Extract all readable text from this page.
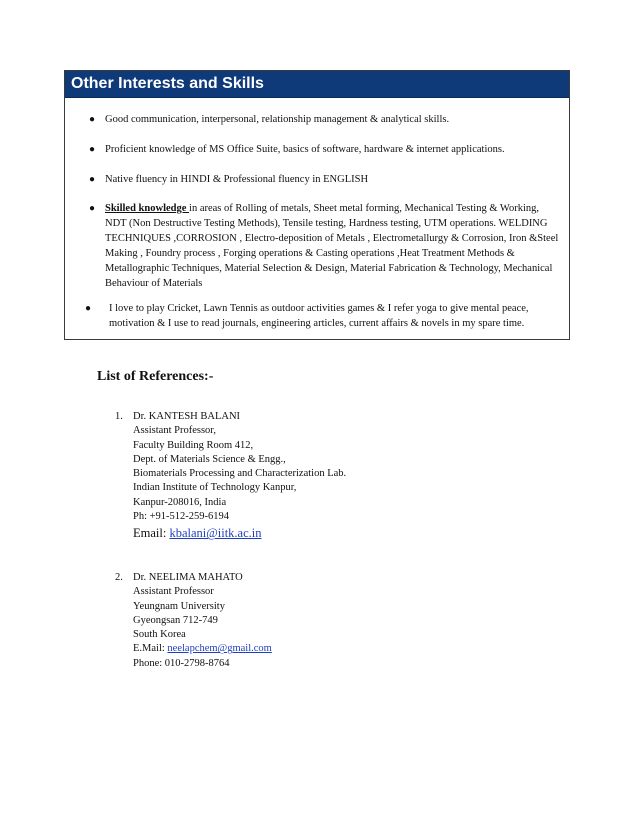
Other Interests and Skills
● Good communication, interpersonal, relationship management & analytical skills.
● Proficient knowledge of MS Office Suite, basics of software, hardware & internet applications.
● Native fluency in HINDI & Professional fluency in ENGLISH
● Skilled knowledge in areas of Rolling of metals, Sheet metal forming, Mechanical Testing & Working, NDT (Non Destructive Testing Methods), Tensile testing, Hardness testing, UTM operations. WELDING TECHNIQUES ,CORROSION , Electro-deposition of Metals , Electrometallurgy & Corrosion, Iron &Steel Making , Foundry process , Forging operations & Casting operations ,Heat Treatment Methods & Metallographic Techniques, Material Selection & Design, Material Fabrication & Technology, Mechanical Behaviour of Materials
● I love to play Cricket, Lawn Tennis as outdoor activities games & I refer yoga to give mental peace, motivation & I use to read journals, engineering articles, current affairs & novels in my spare time.
List of References:-
1. Dr. KANTESH BALANI
Assistant Professor,
Faculty Building Room 412,
Dept. of Materials Science & Engg.,
Biomaterials Processing and Characterization Lab.
Indian Institute of Technology Kanpur,
Kanpur-208016, India
Ph: +91-512-259-6194
Email: kbalani@iitk.ac.in
2. Dr. NEELIMA MAHATO
Assistant Professor
Yeungnam University
Gyeongsan 712-749
South Korea
E.Mail: neelapchem@gmail.com
Phone: 010-2798-8764
